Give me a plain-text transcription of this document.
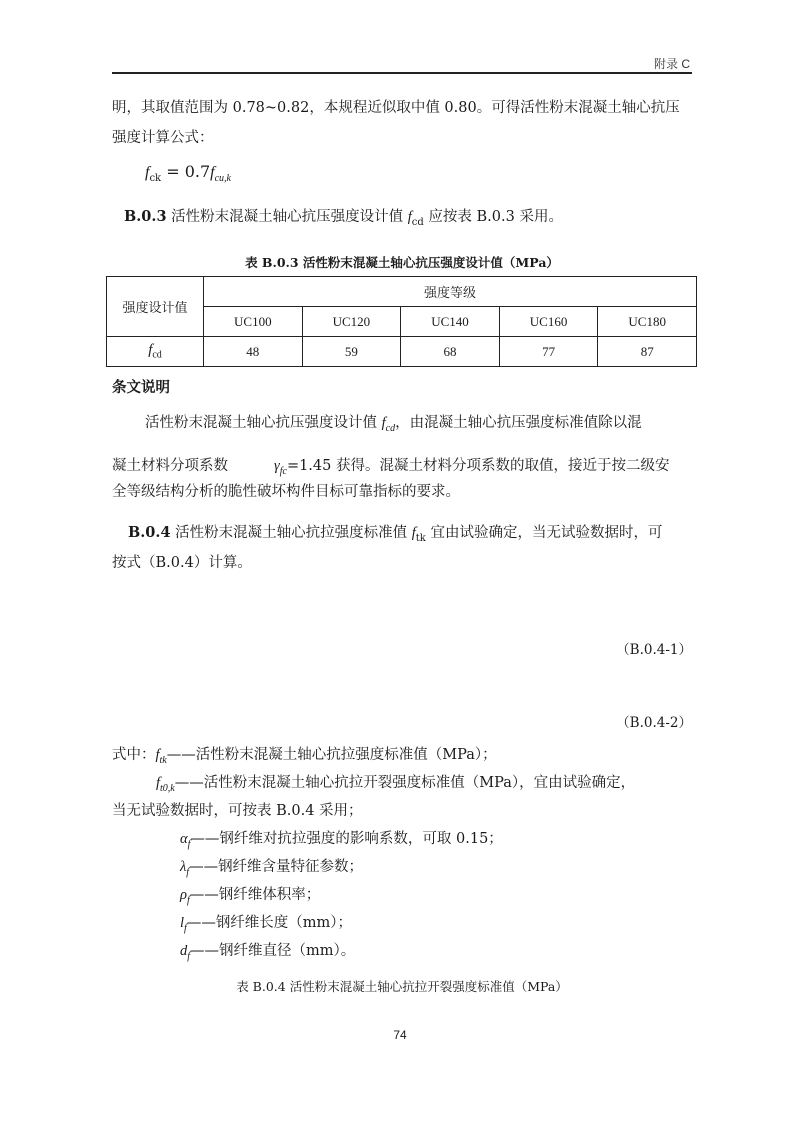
附录 C
明，其取值范围为 0.78~0.82，本规程近似取中值 0.80。可得活性粉末混凝土轴心抗压
强度计算公式：
$f_{ck} = 0.7f_{cu,k}$
B.0.3 活性粉末混凝土轴心抗压强度设计值 $f_{cd}$ 应按表 B.0.3 采用。
表 B.0.3 活性粉末混凝土轴心抗压强度设计值（MPa）
强度设计值	强度等级				
	UC100	UC120	UC140	UC160	UC180
$f_{cd}$	48	59	68	77	87
条文说明
活性粉末混凝土轴心抗压强度设计值 $f_{cd}$，由混凝土轴心抗压强度标准值除以混
凝土材料分项系数	$\gamma_{fc}=1.45$ 获得。混凝土材料分项系数的取值，接近于按二级安
全等级结构分析的脆性破坏构件目标可靠指标的要求。
B.0.4 活性粉末混凝土轴心抗拉强度标准值 $f_{tk}$ 宜由试验确定，当无试验数据时，可
按式（B.0.4）计算。
（B.0.4-1）
（B.0.4-2）
式中：$f_{tk}——$活性粉末混凝土轴心抗拉强度标准值（MPa）；
$f_{t0,k}——$活性粉末混凝土轴心抗拉开裂强度标准值（MPa），宜由试验确定，
当无试验数据时，可按表 B.0.4 采用；
$\alpha_f——$钢纤维对抗拉强度的影响系数，可取 0.15；
$\lambda_f——$钢纤维含量特征参数；
$\rho_f——$钢纤维体积率；
$l_f——$钢纤维长度（mm）；
$d_f——$钢纤维直径（mm）。
表 B.0.4 活性粉末混凝土轴心抗拉开裂强度标准值（MPa）
74
